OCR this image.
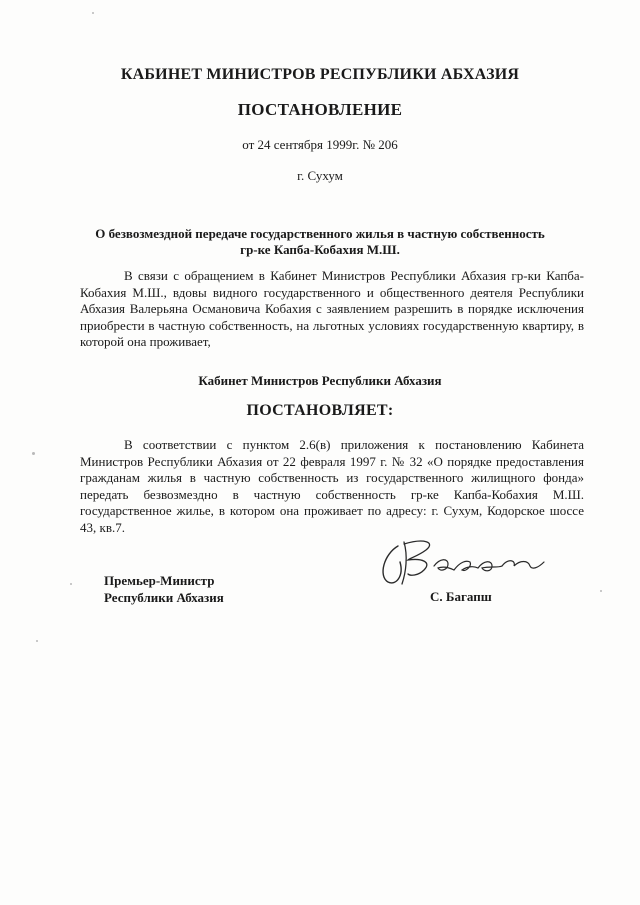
КАБИНЕТ МИНИСТРОВ РЕСПУБЛИКИ АБХАЗИЯ
ПОСТАНОВЛЕНИЕ
от 24 сентября 1999г. № 206
г. Сухум
О безвозмездной передаче государственного жилья в частную собственность
гр-ке Капба-Кобахия М.Ш.
В связи с обращением в Кабинет Министров Республики Абхазия гр-ки Капба-Кобахия М.Ш., вдовы видного государственного и общественного деятеля Республики Абхазия Валерьяна Османовича Кобахия с заявлением разрешить в порядке исключения приобрести в частную собственность, на льготных условиях государственную квартиру, в которой она проживает,
Кабинет Министров Республики Абхазия
ПОСТАНОВЛЯЕТ:
В соответствии с пунктом 2.6(в) приложения к постановлению Кабинета Министров Республики Абхазия от 22 февраля 1997 г. № 32 «О порядке предоставления гражданам жилья в частную собственность из государственного жилищного фонда» передать безвозмездно в частную собственность гр-ке Капба-Кобахия М.Ш. государственное жилье, в котором она проживает по адресу: г. Сухум, Кодорское шоссе 43, кв.7.
Премьер-Министр
Республики Абхазия	С. Багапш
